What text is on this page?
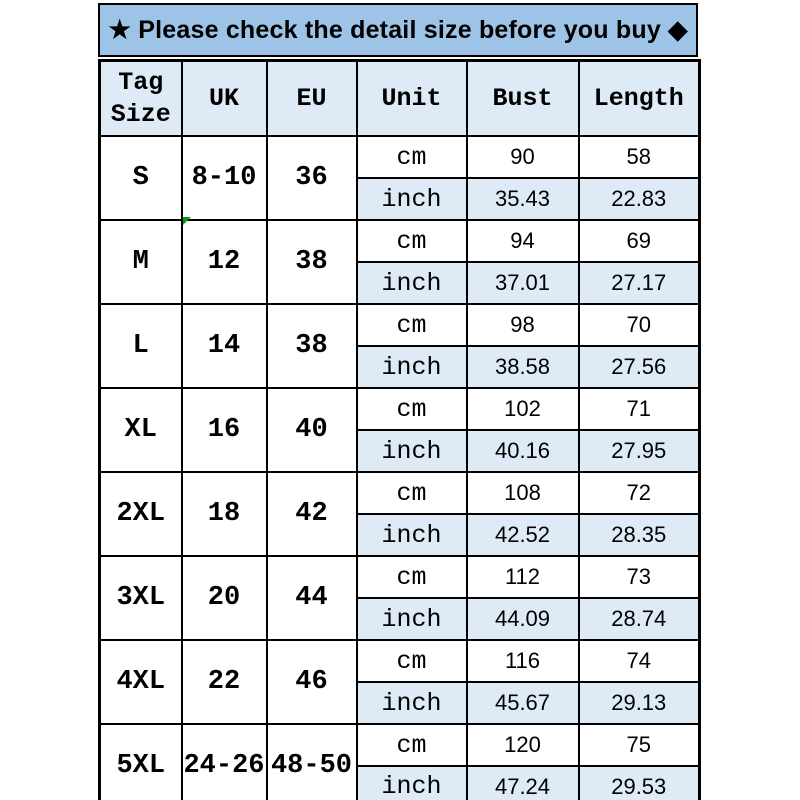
★ Please check the detail size before you buy ◆
Tag Size	UK	EU	Unit	Bust	Length
S	8-10	36	cm	90	58
			inch	35.43	22.83
M	12	38	cm	94	69
			inch	37.01	27.17
L	14	38	cm	98	70
			inch	38.58	27.56
XL	16	40	cm	102	71
			inch	40.16	27.95
2XL	18	42	cm	108	72
			inch	42.52	28.35
3XL	20	44	cm	112	73
			inch	44.09	28.74
4XL	22	46	cm	116	74
			inch	45.67	29.13
5XL	24-26	48-50	cm	120	75
			inch	47.24	29.53
